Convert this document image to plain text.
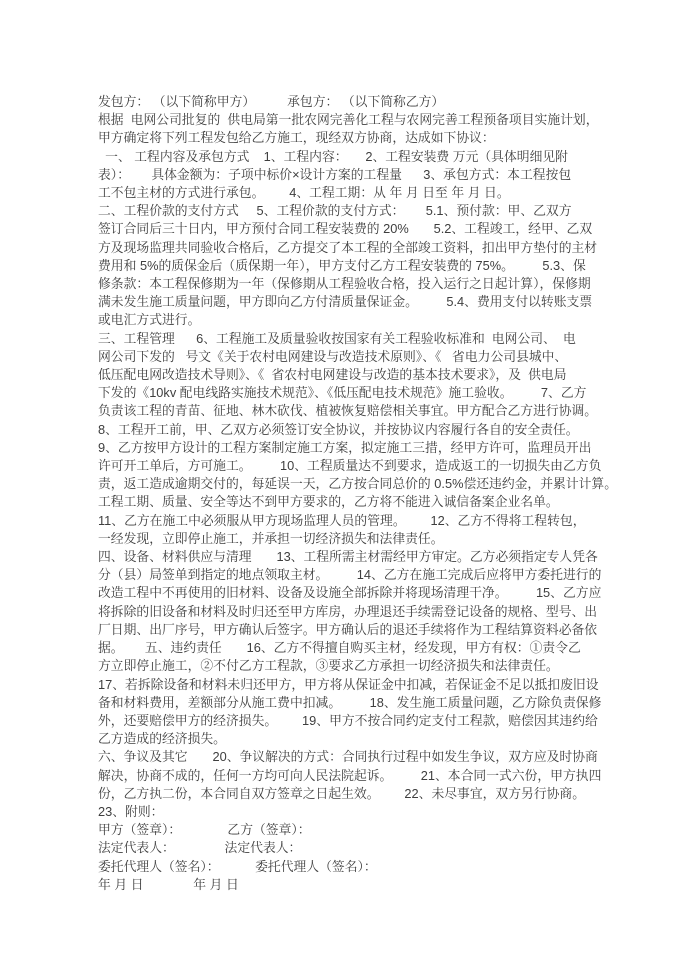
发包方： （以下简称甲方）         承包方： （以下简称乙方）
根据  电网公司批复的  供电局第一批农网完善化工程与农网完善工程预备项目实施计划，
甲方确定将下列工程发包给乙方施工，现经双方协商，达成如下协议：
一、 工程内容及承包方式    1、工程内容：     2、工程安装费 万元（具体明细见附
表）：      具体金额为：子项中标价×设计方案的工程量      3、承包方式：本工程按包
工不包主材的方式进行承包。       4、工程工期：从 年 月 日至 年 月 日。
二、工程价款的支付方式     5、工程价款的支付方式：      5.1、预付款：甲、乙双方
签订合同后三十日内，甲方预付合同工程安装费的 20%       5.2、工程竣工，经甲、乙双
方及现场监理共同验收合格后，乙方提交了本工程的全部竣工资料，扣出甲方垫付的主材
费用和 5%的质保金后（质保期一年），甲方支付乙方工程安装费的 75%。        5.3、保
修条款：本工程保修期为一年（保修期从工程验收合格，投入运行之日起计算），保修期
满未发生施工质量问题，甲方即向乙方付清质量保证金。        5.4、费用支付以转账支票
或电汇方式进行。
三、工程管理      6、工程施工及质量验收按国家有关工程验收标准和  电网公司、  电
网公司下发的   号文《关于农村电网建设与改造技术原则》、《   省电力公司县城中、
低压配电网改造技术导则》、《  省农村电网建设与改造的基本技术要求》，及  供电局
下发的《10kv 配电线路实施技术规范》、《低压配电技术规范》施工验收。        7、乙方
负责该工程的青苗、征地、林木砍伐、植被恢复赔偿相关事宜。甲方配合乙方进行协调。
8、工程开工前，甲、乙双方必须签订安全协议，并按协议内容履行各自的安全责任。
9、乙方按甲方设计的工程方案制定施工方案，拟定施工三措，经甲方许可，监理员开出
许可开工单后，方可施工。        10、工程质量达不到要求，造成返工的一切损失由乙方负
责，返工造成逾期交付的，每延误一天，乙方按合同总价的 0.5%偿还违约金，并累计计算。
工程工期、质量、安全等达不到甲方要求的，乙方将不能进入诚信备案企业名单。
11、乙方在施工中必须服从甲方现场监理人员的管理。       12、乙方不得将工程转包，
一经发现，立即停止施工，并承担一切经济损失和法律责任。
四、设备、材料供应与清理       13、工程所需主材需经甲方审定。乙方必须指定专人凭各
分（县）局签单到指定的地点领取主材。        14、乙方在施工完成后应将甲方委托进行的
改造工程中不再使用的旧材料、设备及设施全部拆除并将现场清理干净。        15、乙方应
将拆除的旧设备和材料及时归还至甲方库房，办理退还手续需登记设备的规格、型号、出
厂日期、出厂序号，甲方确认后签字。甲方确认后的退还手续将作为工程结算资料必备依
据。      五、违约责任       16、乙方不得擅自购买主材，经发现，甲方有权：①责令乙
方立即停止施工，②不付乙方工程款，③要求乙方承担一切经济损失和法律责任。
17、若拆除设备和材料未归还甲方，甲方将从保证金中扣减，若保证金不足以抵扣废旧设
备和材料费用，差额部分从施工费中扣减。        18、发生施工质量问题，乙方除负责保修
外，还要赔偿甲方的经济损失。       19、甲方不按合同约定支付工程款，赔偿因其违约给
乙方造成的经济损失。
六、争议及其它       20、争议解决的方式：合同执行过程中如发生争议，双方应及时协商
解决，协商不成的，任何一方均可向人民法院起诉。        21、本合同一式六份，甲方执四
份，乙方执二份，本合同自双方签章之日起生效。       22、未尽事宜，双方另行协商。
23、附则：
甲方（签章）：             乙方（签章）：
法定代表人：              法定代表人：
委托代理人（签名）：          委托代理人（签名）：
年 月 日              年 月 日
